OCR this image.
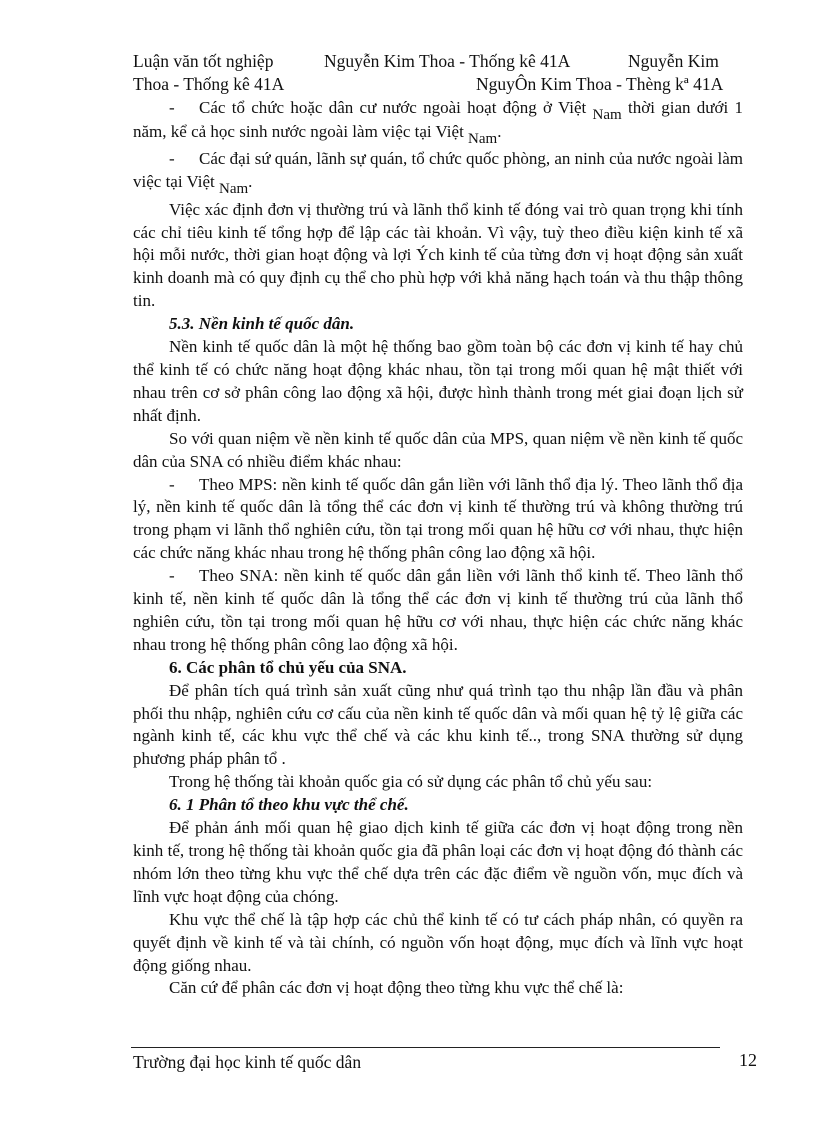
Luận văn tốt nghiệp	Nguyễn Kim Thoa - Thống kê 41A	Nguyễn Kim
Thoa - Thống kê 41A	NguyÔn Kim Thoa - Thèng kª 41A

- Các tổ chức hoặc dân cư nước ngoài hoạt động ở Việt Nam thời gian dưới 1 năm, kể cả học sinh nước ngoài làm việc tại Việt Nam.

- Các đại sứ quán, lãnh sự quán, tổ chức quốc phòng, an ninh của nước ngoài làm việc tại Việt Nam.

Việc xác định đơn vị thường trú và lãnh thổ kinh tế đóng vai trò quan trọng khi tính các chỉ tiêu kinh tế tổng hợp để lập các tài khoản. Vì vậy, tuỳ theo điều kiện kinh tế xã hội mỗi nước, thời gian hoạt động và lợi Ých kinh tế của từng đơn vị hoạt động sản xuất kinh doanh mà có quy định cụ thể cho phù hợp với khả năng hạch toán và thu thập thông tin.

5.3. Nền kinh tế quốc dân.

Nền kinh tế quốc dân là một hệ thống bao gồm toàn bộ các đơn vị kinh tế hay chủ thể kinh tế có chức năng hoạt động khác nhau, tồn tại trong mối quan hệ mật thiết với nhau trên cơ sở phân công lao động xã hội, được hình thành trong mét giai đoạn lịch sử nhất định.

So với quan niệm về nền kinh tế quốc dân của MPS, quan niệm về nền kinh tế quốc dân của SNA có nhiều điểm khác nhau:

- Theo MPS: nền kinh tế quốc dân gắn liền với lãnh thổ địa lý. Theo lãnh thổ địa lý, nền kinh tế quốc dân là tổng thể các đơn vị kinh tế thường trú và không thường trú trong phạm vi lãnh thổ nghiên cứu, tồn tại trong mối quan hệ hữu cơ với nhau, thực hiện các chức năng khác nhau trong hệ thống phân công lao động xã hội.

- Theo SNA: nền kinh tế quốc dân gắn liền với lãnh thổ kinh tế. Theo lãnh thổ kinh tế, nền kinh tế quốc dân là tổng thể các đơn vị kinh tế thường trú của lãnh thổ nghiên cứu, tồn tại trong mối quan hệ hữu cơ với nhau, thực hiện các chức năng khác nhau trong hệ thống phân công lao động xã hội.

6. Các phân tổ chủ yếu của SNA.

Để phân tích quá trình sản xuất cũng như quá trình tạo thu nhập lần đầu và phân phối thu nhập, nghiên cứu cơ cấu của nền kinh tế quốc dân và mối quan hệ tỷ lệ giữa các ngành kinh tế, các khu vực thể chế và các khu kinh tế.., trong SNA thường sử dụng phương pháp phân tổ .

Trong hệ thống tài khoản quốc gia có sử dụng các phân tổ chủ yếu sau:

6. 1 Phân tổ theo khu vực thể chế.

Để phản ánh mối quan hệ giao dịch kinh tế giữa các đơn vị hoạt động trong nền kinh tế, trong hệ thống tài khoản quốc gia đã phân loại các đơn vị hoạt động đó thành các nhóm lớn theo từng khu vực thể chế dựa trên các đặc điểm về nguồn vốn, mục đích và lĩnh vực hoạt động của chóng.

Khu vực thể chế là tập hợp các chủ thể kinh tế có tư cách pháp nhân, có quyền ra quyết định về kinh tế và tài chính, có nguồn vốn hoạt động, mục đích và lĩnh vực hoạt động giống nhau.

Căn cứ để phân các đơn vị hoạt động theo từng khu vực thể chế là:

Trường đại học kinh tế quốc dân	12
